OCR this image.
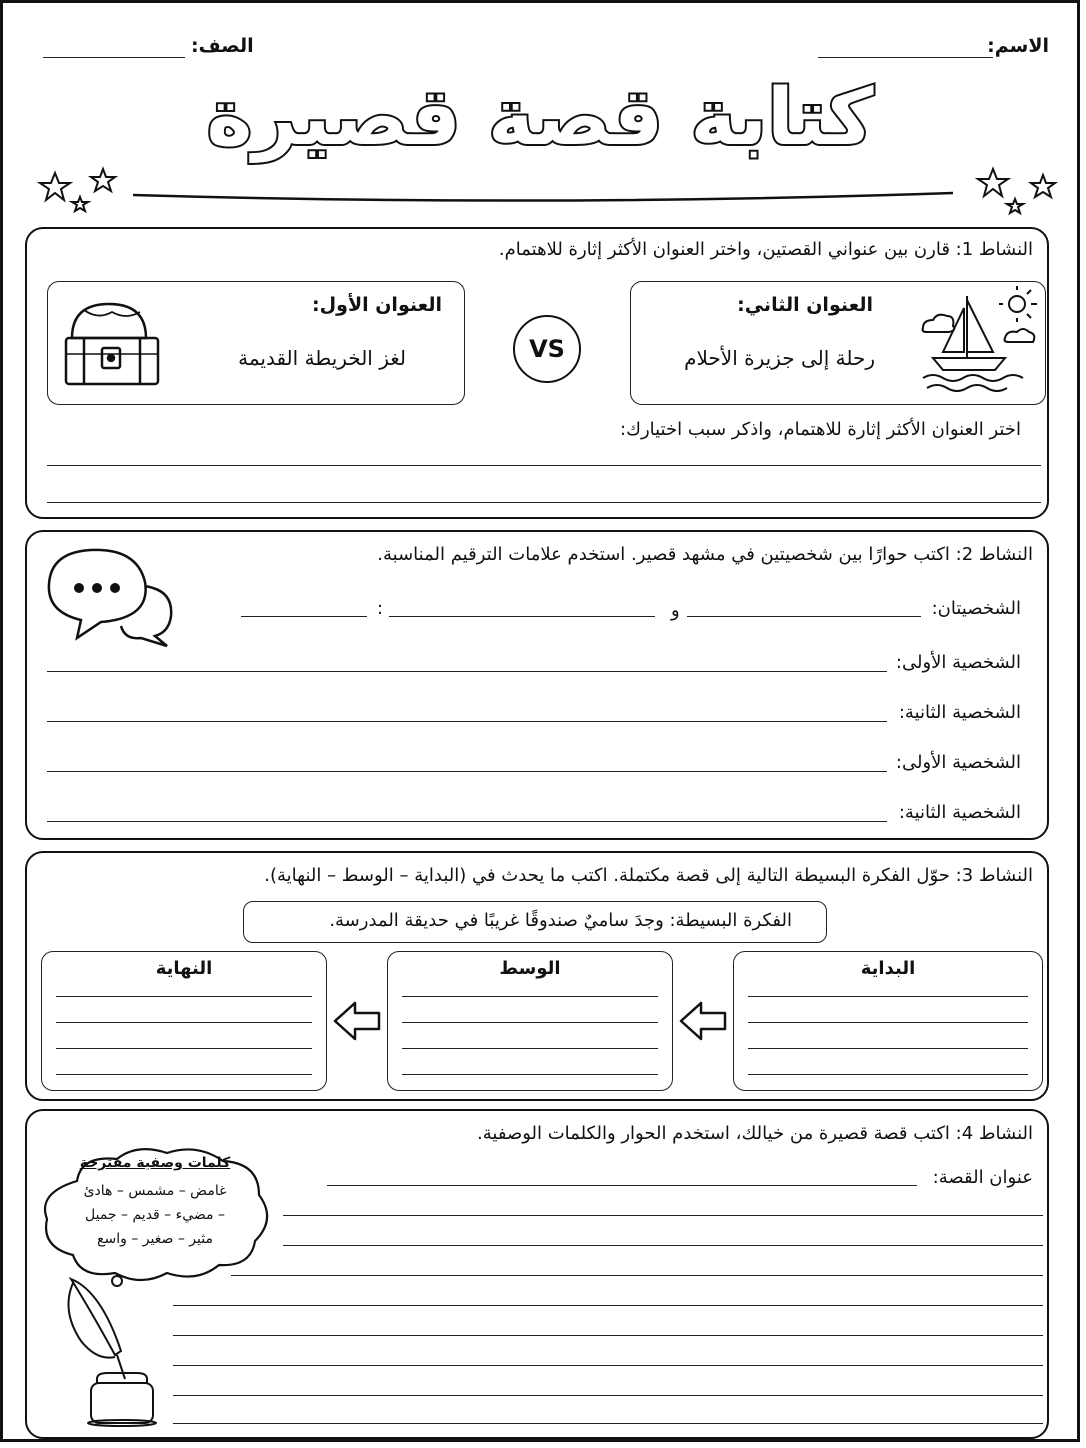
الاسم:
الصف:
كتابة قصة قصيرة
النشاط 1: قارن بين عنواني القصتين، واختر العنوان الأكثر إثارة للاهتمام.
العنوان الأول:
لغز الخريطة القديمة	VS
العنوان الثاني:
رحلة إلى جزيرة الأحلام
اختر العنوان الأكثر إثارة للاهتمام، واذكر سبب اختيارك:
النشاط 2: اكتب حوارًا بين شخصيتين في مشهد قصير. استخدم علامات الترقيم المناسبة.
الشخصيتان:
و
:
الشخصية الأولى:
الشخصية الثانية:
الشخصية الأولى:
الشخصية الثانية:
النشاط 3: حوّل الفكرة البسيطة التالية إلى قصة مكتملة. اكتب ما يحدث في (البداية – الوسط – النهاية).
الفكرة البسيطة: وجدَ ساميٌ صندوقًا غريبًا في حديقة المدرسة.
النهاية	الوسط	البداية
النشاط 4: اكتب قصة قصيرة من خيالك، استخدم الحوار والكلمات الوصفية.
كلمات وصفية مقترحة
غامض – مشمس – هادئ
– مضيء – قديم – جميل
مثير – صغير – واسع
عنوان القصة:
